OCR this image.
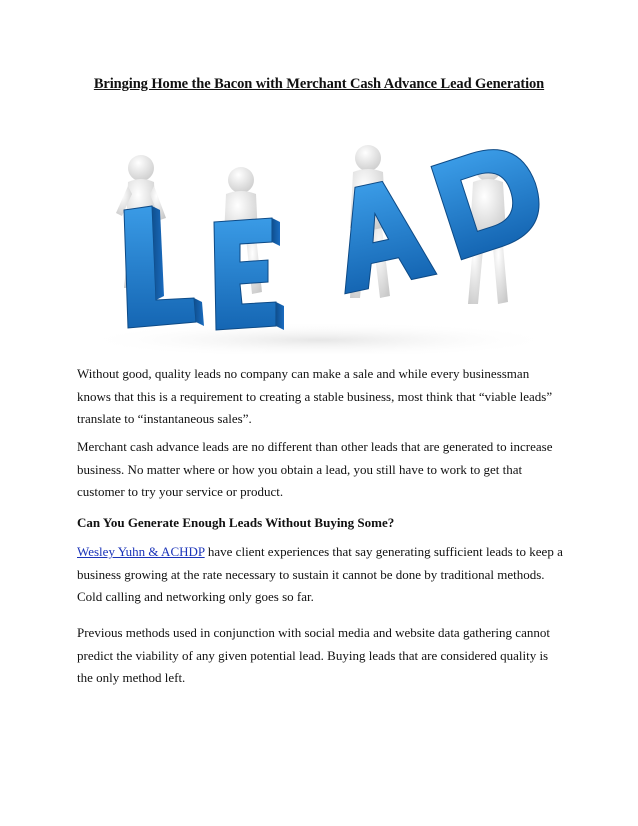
Bringing Home the Bacon with Merchant Cash Advance Lead Generation

Without good, quality leads no company can make a sale and while every businessman knows that this is a requirement to creating a stable business, most think that “viable leads” translate to “instantaneous sales”.

Merchant cash advance leads are no different than other leads that are generated to increase business. No matter where or how you obtain a lead, you still have to work to get that customer to try your service or product.

Can You Generate Enough Leads Without Buying Some?

Wesley Yuhn & ACHDP have client experiences that say generating sufficient leads to keep a business growing at the rate necessary to sustain it cannot be done by traditional methods. Cold calling and networking only goes so far.

Previous methods used in conjunction with social media and website data gathering cannot predict the viability of any given potential lead. Buying leads that are considered quality is the only method left.
